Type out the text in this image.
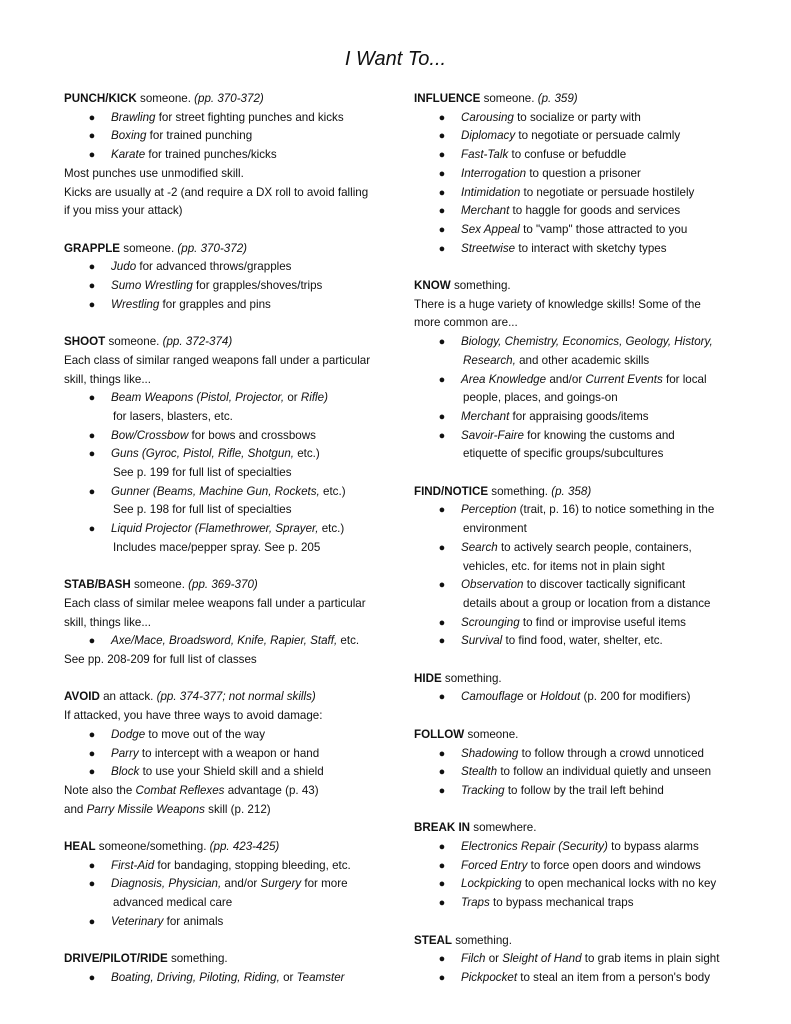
I Want To...

PUNCH/KICK someone. (pp. 370-372)

● Brawling for street fighting punches and kicks
● Boxing for trained punching
● Karate for trained punches/kicks

Most punches use unmodified skill.

Kicks are usually at -2 (and require a DX roll to avoid falling

if you miss your attack)

GRAPPLE someone. (pp. 370-372)

● Judo for advanced throws/grapples
● Sumo Wrestling for grapples/shoves/trips
● Wrestling for grapples and pins

SHOOT someone. (pp. 372-374)

Each class of similar ranged weapons fall under a particular

skill, things like...

● Beam Weapons (Pistol, Projector, or Rifle)
for lasers, blasters, etc.
● Bow/Crossbow for bows and crossbows
● Guns (Gyroc, Pistol, Rifle, Shotgun, etc.)
See p. 199 for full list of specialties
● Gunner (Beams, Machine Gun, Rockets, etc.)
See p. 198 for full list of specialties
● Liquid Projector (Flamethrower, Sprayer, etc.)
Includes mace/pepper spray. See p. 205

STAB/BASH someone. (pp. 369-370)

Each class of similar melee weapons fall under a particular

skill, things like...

● Axe/Mace, Broadsword, Knife, Rapier, Staff, etc.

See pp. 208-209 for full list of classes

AVOID an attack. (pp. 374-377; not normal skills)

If attacked, you have three ways to avoid damage:

● Dodge to move out of the way
● Parry to intercept with a weapon or hand
● Block to use your Shield skill and a shield

Note also the Combat Reflexes advantage (p. 43)

and Parry Missile Weapons skill (p. 212)

HEAL someone/something. (pp. 423-425)

● First-Aid for bandaging, stopping bleeding, etc.
● Diagnosis, Physician, and/or Surgery for more
advanced medical care
● Veterinary for animals

DRIVE/PILOT/RIDE something.

● Boating, Driving, Piloting, Riding, or Teamster

INFLUENCE someone. (p. 359)

● Carousing to socialize or party with
● Diplomacy to negotiate or persuade calmly
● Fast-Talk to confuse or befuddle
● Interrogation to question a prisoner
● Intimidation to negotiate or persuade hostilely
● Merchant to haggle for goods and services
● Sex Appeal to "vamp" those attracted to you
● Streetwise to interact with sketchy types

KNOW something.

There is a huge variety of knowledge skills! Some of the

more common are...

● Biology, Chemistry, Economics, Geology, History,
Research, and other academic skills
● Area Knowledge and/or Current Events for local
people, places, and goings-on
● Merchant for appraising goods/items
● Savoir-Faire for knowing the customs and
etiquette of specific groups/subcultures

FIND/NOTICE something. (p. 358)

● Perception (trait, p. 16) to notice something in the
environment
● Search to actively search people, containers,
vehicles, etc. for items not in plain sight
● Observation to discover tactically significant
details about a group or location from a distance
● Scrounging to find or improvise useful items
● Survival to find food, water, shelter, etc.

HIDE something.

● Camouflage or Holdout (p. 200 for modifiers)

FOLLOW someone.

● Shadowing to follow through a crowd unnoticed
● Stealth to follow an individual quietly and unseen
● Tracking to follow by the trail left behind

BREAK IN somewhere.

● Electronics Repair (Security) to bypass alarms
● Forced Entry to force open doors and windows
● Lockpicking to open mechanical locks with no key
● Traps to bypass mechanical traps

STEAL something.

● Filch or Sleight of Hand to grab items in plain sight
● Pickpocket to steal an item from a person's body
